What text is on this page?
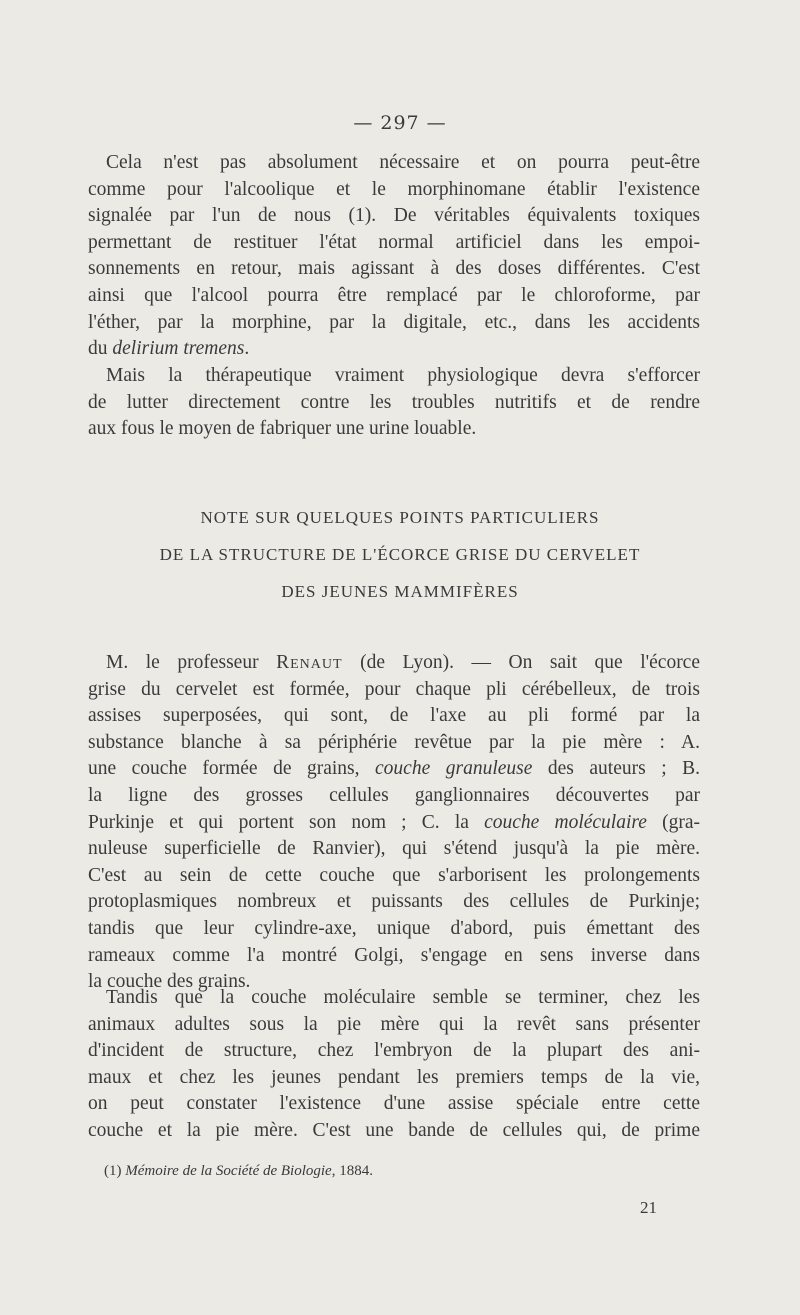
— 297 —
Cela n'est pas absolument nécessaire et on pourra peut-être
comme pour l'alcoolique et le morphinomane établir l'existence
signalée par l'un de nous (1). De véritables équivalents toxiques
permettant de restituer l'état normal artificiel dans les empoi-
sonnements en retour, mais agissant à des doses différentes. C'est
ainsi que l'alcool pourra être remplacé par le chloroforme, par
l'éther, par la morphine, par la digitale, etc., dans les accidents
du delirium tremens.
Mais la thérapeutique vraiment physiologique devra s'efforcer
de lutter directement contre les troubles nutritifs et de rendre
aux fous le moyen de fabriquer une urine louable.
NOTE SUR QUELQUES POINTS PARTICULIERS
DE LA STRUCTURE DE L'ÉCORCE GRISE DU CERVELET
DES JEUNES MAMMIFÈRES
M. le professeur Renaut (de Lyon). — On sait que l'écorce
grise du cervelet est formée, pour chaque pli cérébelleux, de trois
assises superposées, qui sont, de l'axe au pli formé par la
substance blanche à sa périphérie revêtue par la pie mère : A.
une couche formée de grains, couche granuleuse des auteurs ; B.
la ligne des grosses cellules ganglionnaires découvertes par
Purkinje et qui portent son nom ; C. la couche moléculaire (gra-
nuleuse superficielle de Ranvier), qui s'étend jusqu'à la pie mère.
C'est au sein de cette couche que s'arborisent les prolongements
protoplasmiques nombreux et puissants des cellules de Purkinje;
tandis que leur cylindre-axe, unique d'abord, puis émettant des
rameaux comme l'a montré Golgi, s'engage en sens inverse dans
la couche des grains.
Tandis que la couche moléculaire semble se terminer, chez les
animaux adultes sous la pie mère qui la revêt sans présenter
d'incident de structure, chez l'embryon de la plupart des ani-
maux et chez les jeunes pendant les premiers temps de la vie,
on peut constater l'existence d'une assise spéciale entre cette
couche et la pie mère. C'est une bande de cellules qui, de prime
(1) Mémoire de la Société de Biologie, 1884.
21
